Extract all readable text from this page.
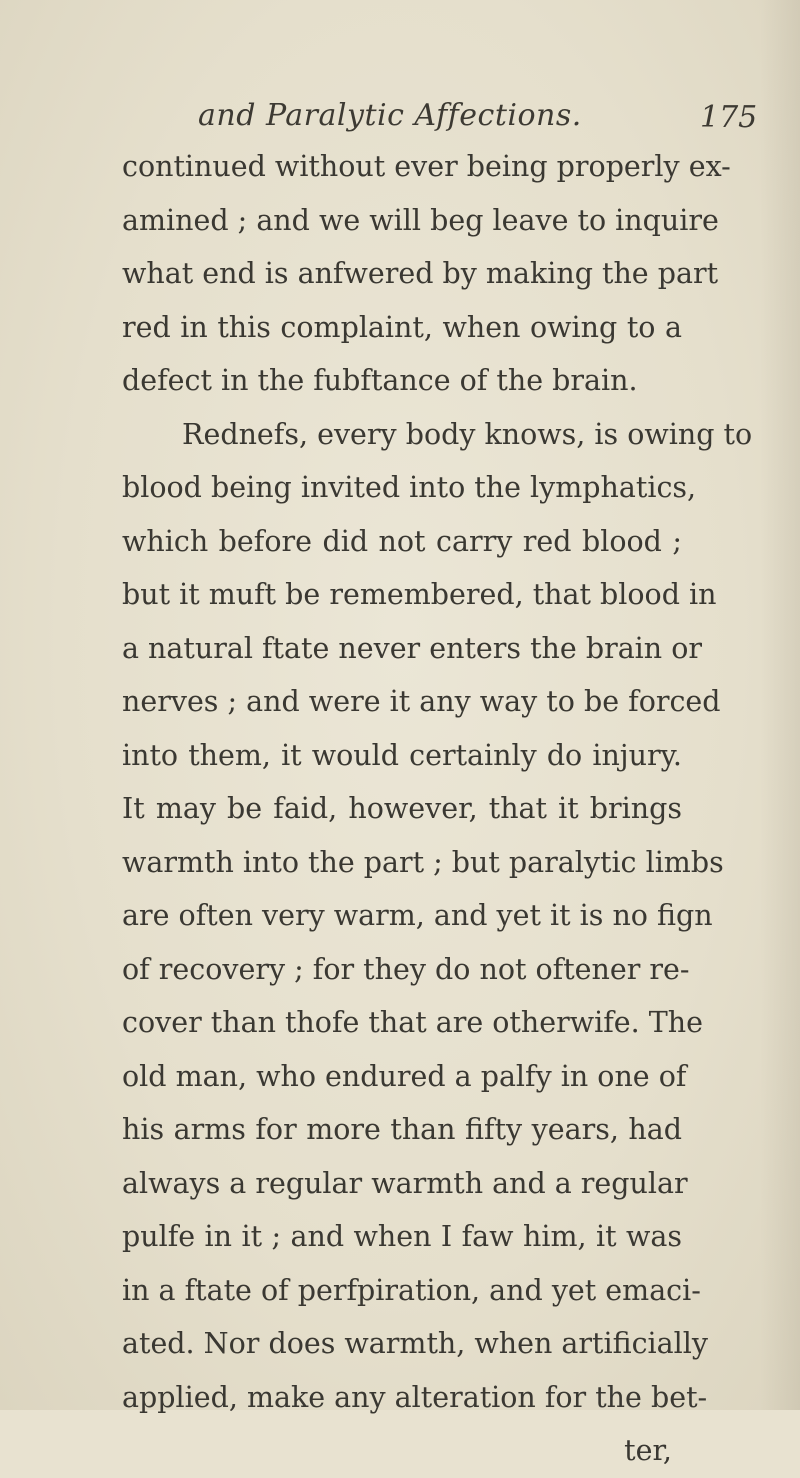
and Paralytic Affections.	175
continued without ever being properly ex-
amined ; and we will beg leave to inquire
what end is anfwered by making the part
red in this complaint, when owing to a
defect in the fubftance of the brain.
Rednefs, every body knows, is owing to
blood being invited into the lymphatics,
which before did not carry red blood ;
but it muft be remembered, that blood in
a natural ftate never enters the brain or
nerves ; and were it any way to be forced
into them, it would certainly do injury.
It may be faid, however, that it brings
warmth into the part ; but paralytic limbs
are often very warm, and yet it is no fign
of recovery ; for they do not oftener re-
cover than thofe that are otherwife. The
old man, who endured a palfy in one of
his arms for more than fifty years, had
always a regular warmth and a regular
pulfe in it ; and when I faw him, it was
in a ftate of perfpiration, and yet emaci-
ated. Nor does warmth, when artificially
applied, make any alteration for the bet-
ter,
